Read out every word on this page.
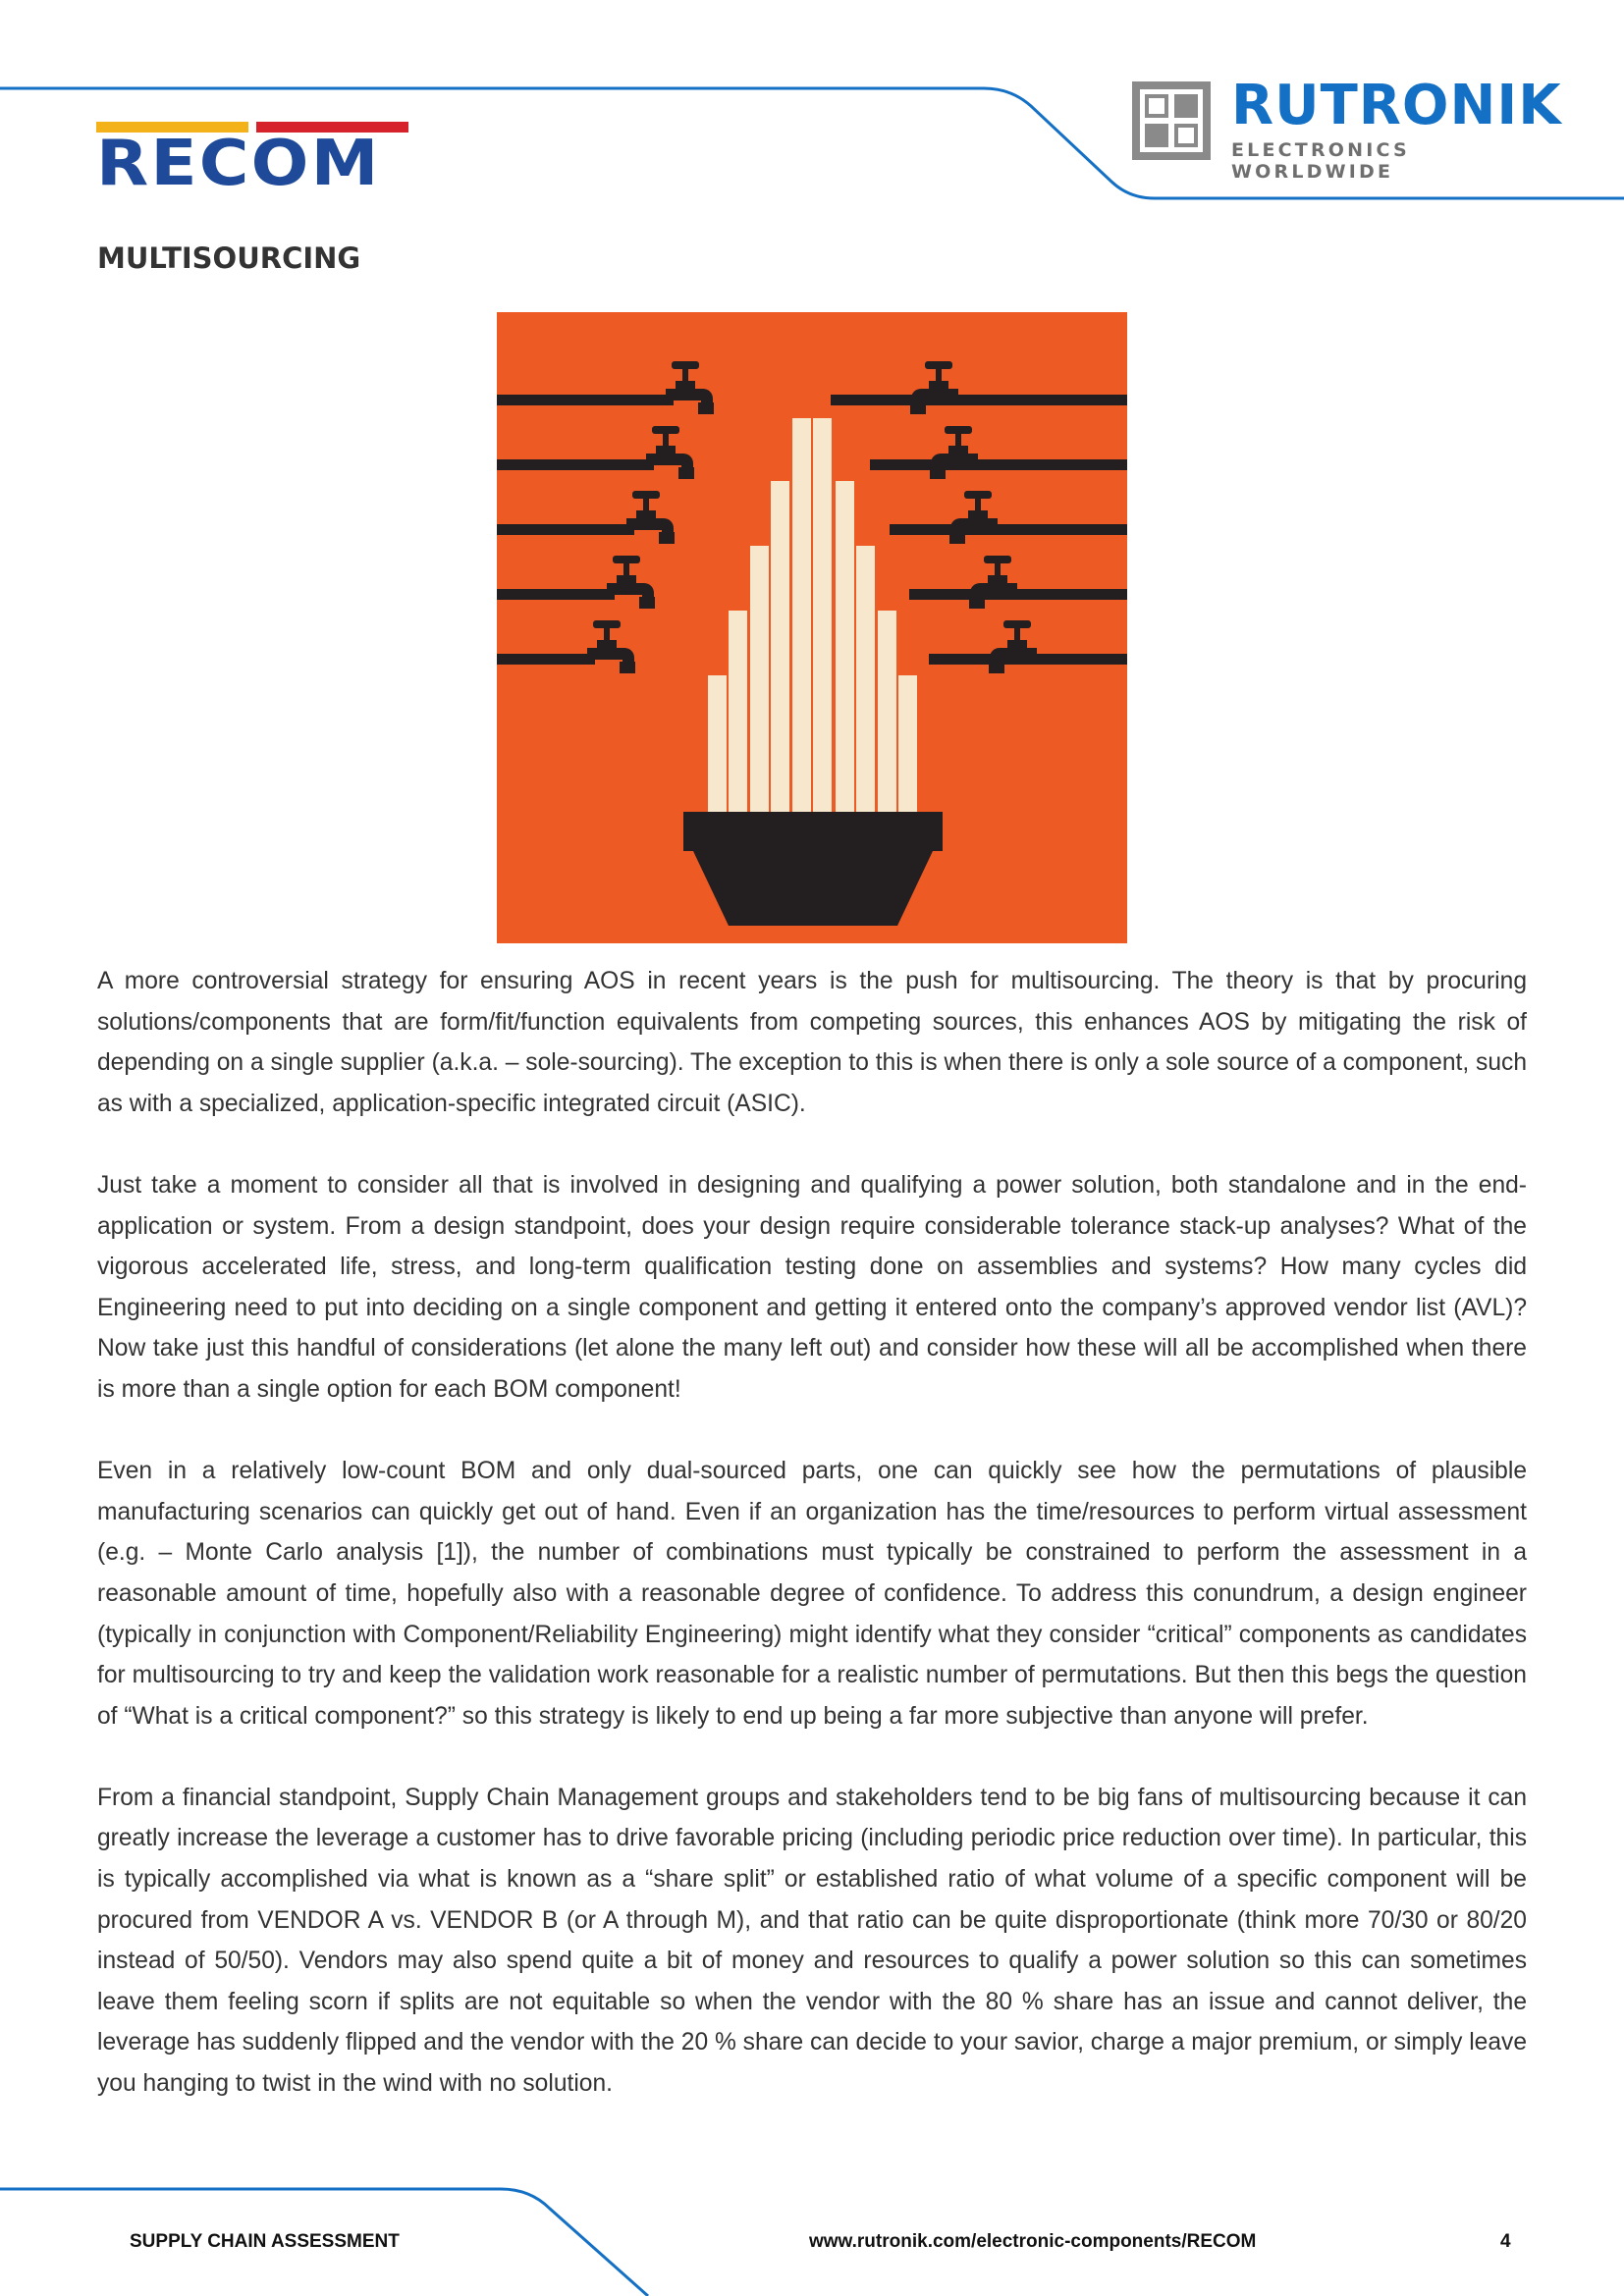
RECOM
RUTRONIK
ELECTRONICS WORLDWIDE
MULTISOURCING

A more controversial strategy for ensuring AOS in recent years is the push for multisourcing. The theory is that by procuring solutions/components that are form/fit/function equivalents from competing sources, this enhances AOS by mitigating the risk of depending on a single supplier (a.k.a. – sole-sourcing). The exception to this is when there is only a sole source of a component, such as with a specialized, application-specific integrated circuit (ASIC).

Just take a moment to consider all that is involved in designing and qualifying a power solution, both standalone and in the end-application or system. From a design standpoint, does your design require considerable tolerance stack-up analyses? What of the vigorous accelerated life, stress, and long-term qualification testing done on assemblies and systems? How many cycles did Engineering need to put into deciding on a single component and getting it entered onto the company’s approved vendor list (AVL)? Now take just this handful of considerations (let alone the many left out) and consider how these will all be accomplished when there is more than a single option for each BOM component!

Even in a relatively low-count BOM and only dual-sourced parts, one can quickly see how the permutations of plausible manufacturing scenarios can quickly get out of hand. Even if an organization has the time/resources to perform virtual assessment (e.g. – Monte Carlo analysis [1]), the number of combinations must typically be constrained to perform the assessment in a reasonable amount of time, hopefully also with a reasonable degree of confidence. To address this conundrum, a design engineer (typically in conjunction with Component/Reliability Engineering) might identify what they consider “critical” components as candidates for multisourcing to try and keep the validation work reasonable for a realistic number of permutations. But then this begs the question of “What is a critical component?” so this strategy is likely to end up being a far more subjective than anyone will prefer.

From a financial standpoint, Supply Chain Management groups and stakeholders tend to be big fans of multisourcing because it can greatly increase the leverage a customer has to drive favorable pricing (including periodic price reduction over time). In particular, this is typically accomplished via what is known as a “share split” or established ratio of what volume of a specific component will be procured from VENDOR A vs. VENDOR B (or A through M), and that ratio can be quite disproportionate (think more 70/30 or 80/20 instead of 50/50). Vendors may also spend quite a bit of money and resources to qualify a power solution so this can sometimes leave them feeling scorn if splits are not equitable so when the vendor with the 80 % share has an issue and cannot deliver, the leverage has suddenly flipped and the vendor with the 20 % share can decide to your savior, charge a major premium, or simply leave you hanging to twist in the wind with no solution.

SUPPLY CHAIN ASSESSMENT	www.rutronik.com/electronic-components/RECOM	4
